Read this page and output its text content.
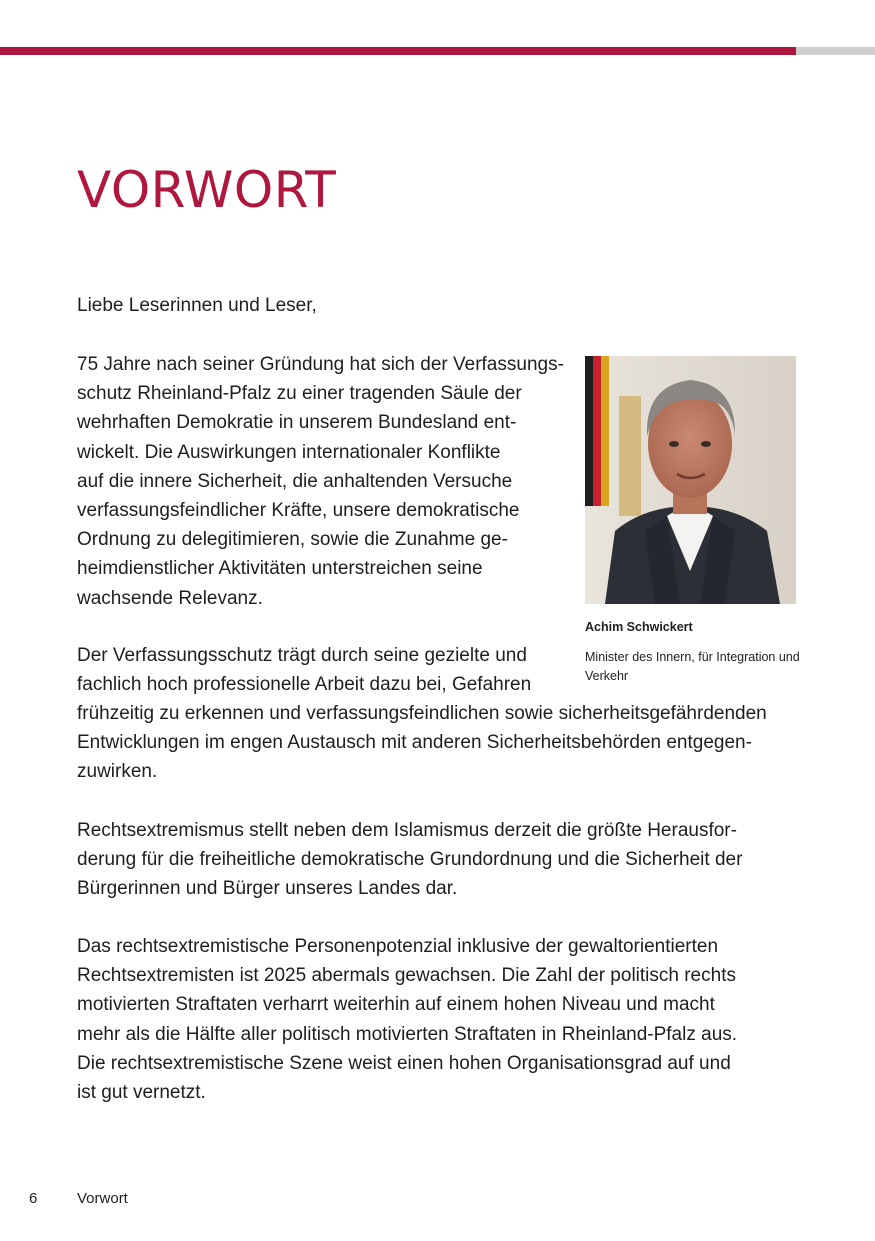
VORWORT

Liebe Leserinnen und Leser,

75 Jahre nach seiner Gründung hat sich der Verfassungs-
schutz Rheinland-Pfalz zu einer tragenden Säule der
wehrhaften Demokratie in unserem Bundesland ent-
wickelt. Die Auswirkungen internationaler Konflikte
auf die innere Sicherheit, die anhaltenden Versuche
verfassungsfeindlicher Kräfte, unsere demokratische
Ordnung zu delegitimieren, sowie die Zunahme ge-
heimdienstlicher Aktivitäten unterstreichen seine
wachsende Relevanz.

Achim Schwickert
Minister des Innern, für Integration und Verkehr

Der Verfassungsschutz trägt durch seine gezielte und
fachlich hoch professionelle Arbeit dazu bei, Gefahren

frühzeitig zu erkennen und verfassungsfeindlichen sowie sicherheitsgefährdenden
Entwicklungen im engen Austausch mit anderen Sicherheitsbehörden entgegen-
zuwirken.

Rechtsextremismus stellt neben dem Islamismus derzeit die größte Herausfor-
derung für die freiheitliche demokratische Grundordnung und die Sicherheit der
Bürgerinnen und Bürger unseres Landes dar.

Das rechtsextremistische Personenpotenzial inklusive der gewaltorientierten
Rechtsextremisten ist 2025 abermals gewachsen. Die Zahl der politisch rechts
motivierten Straftaten verharrt weiterhin auf einem hohen Niveau und macht
mehr als die Hälfte aller politisch motivierten Straftaten in Rheinland-Pfalz aus.
Die rechtsextremistische Szene weist einen hohen Organisationsgrad auf und
ist gut vernetzt.

6	Vorwort
